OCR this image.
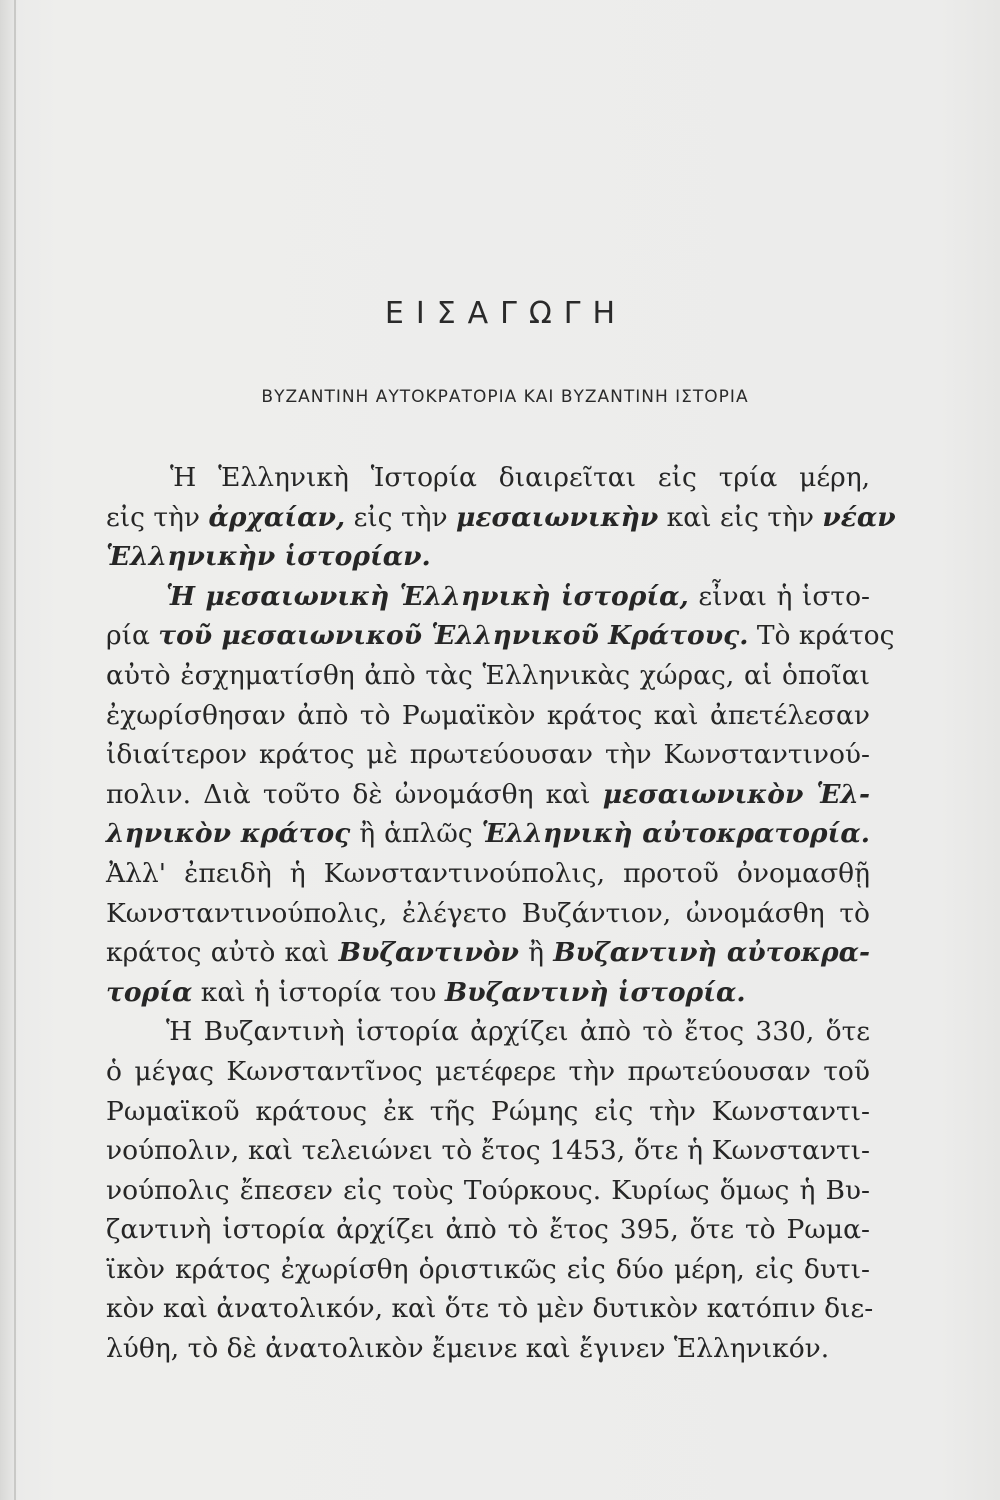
ΕΙΣΑΓΩΓΗ
ΒΥΖΑΝΤΙΝΗ ΑΥΤΟΚΡΑΤΟΡΙΑ ΚΑΙ ΒΥΖΑΝΤΙΝΗ ΙΣΤΟΡΙΑ
Ἡ Ἑλληνικὴ Ἱστορία διαιρεῖται εἰς τρία μέρη,
εἰς τὴν ἀρχαίαν, εἰς τὴν μεσαιωνικὴν καὶ εἰς τὴν νέαν
Ἑλληνικὴν ἱστορίαν.
Ἡ μεσαιωνικὴ Ἑλληνικὴ ἱστορία, εἶναι ἡ ἱστο-
ρία τοῦ μεσαιωνικοῦ Ἑλληνικοῦ Κράτους. Τὸ κράτος
αὐτὸ ἐσχηματίσθη ἀπὸ τὰς Ἑλληνικὰς χώρας, αἱ ὁποῖαι
ἐχωρίσθησαν ἀπὸ τὸ Ρωμαϊκὸν κράτος καὶ ἀπετέλεσαν
ἰδιαίτερον κράτος μὲ πρωτεύουσαν τὴν Κωνσταντινού-
πολιν. Διὰ τοῦτο δὲ ὠνομάσθη καὶ μεσαιωνικὸν Ἑλ-
ληνικὸν κράτος ἢ ἁπλῶς Ἑλληνικὴ αὐτοκρατορία.
Ἀλλ' ἐπειδὴ ἡ Κωνσταντινούπολις, προτοῦ ὀνομασθῇ
Κωνσταντινούπολις, ἐλέγετο Βυζάντιον, ὠνομάσθη τὸ
κράτος αὐτὸ καὶ Βυζαντινὸν ἢ Βυζαντινὴ αὐτοκρα-
τορία καὶ ἡ ἱστορία του Βυζαντινὴ ἱστορία.
Ἡ Βυζαντινὴ ἱστορία ἀρχίζει ἀπὸ τὸ ἔτος 330, ὅτε
ὁ μέγας Κωνσταντῖνος μετέφερε τὴν πρωτεύουσαν τοῦ
Ρωμαϊκοῦ κράτους ἐκ τῆς Ρώμης εἰς τὴν Κωνσταντι-
νούπολιν, καὶ τελειώνει τὸ ἔτος 1453, ὅτε ἡ Κωνσταντι-
νούπολις ἔπεσεν εἰς τοὺς Τούρκους. Κυρίως ὅμως ἡ Βυ-
ζαντινὴ ἱστορία ἀρχίζει ἀπὸ τὸ ἔτος 395, ὅτε τὸ Ρωμα-
ϊκὸν κράτος ἐχωρίσθη ὁριστικῶς εἰς δύο μέρη, εἰς δυτι-
κὸν καὶ ἀνατολικόν, καὶ ὅτε τὸ μὲν δυτικὸν κατόπιν διε-
λύθη, τὸ δὲ ἀνατολικὸν ἔμεινε καὶ ἔγινεν Ἑλληνικόν.
